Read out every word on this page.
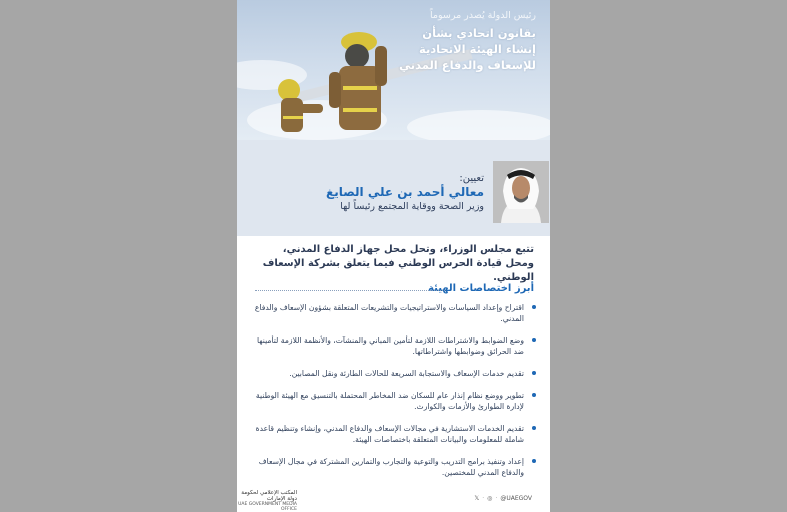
رئيس الدولة يُصدر مرسوماً
بقانون اتحادي بشأن
إنشاء الهيئة الاتحادية
للإسعاف والدفاع المدني
تعيين:
معالي أحمد بن علي الصايغ
وزير الصحة ووقاية المجتمع رئيساً لها
تتبع مجلس الوزراء، وتحل محل جهاز الدفاع المدني، ومحل قيادة الحرس الوطني فيما يتعلق بشركة الإسعاف الوطني.
أبرز اختصاصات الهيئة
اقتراح وإعداد السياسات والاستراتيجيات والتشريعات المتعلقة بشؤون الإسعاف والدفاع المدني.
وضع الضوابط والاشتراطات اللازمة لتأمين المباني والمنشآت، والأنظمة اللازمة لتأمينها ضد الحرائق وضوابطها واشتراطاتها.
تقديم خدمات الإسعاف والاستجابة السريعة للحالات الطارئة ونقل المصابين.
تطوير ووضع نظام إنذار عام للسكان ضد المخاطر المحتملة بالتنسيق مع الهيئة الوطنية لإدارة الطوارئ والأزمات والكوارث.
تقديم الخدمات الاستشارية في مجالات الإسعاف والدفاع المدني، وإنشاء وتنظيم قاعدة شاملة للمعلومات والبيانات المتعلقة باختصاصات الهيئة.
إعداد وتنفيذ برامج التدريب والتوعية والتجارب والتمارين المشتركة في مجال الإسعاف والدفاع المدني للمختصين.
المكتب الإعلامي لحكومة دولة الإمارات
UAE GOVERNMENT MEDIA OFFICE
𝕏 · ◎ · @UAEGOV
